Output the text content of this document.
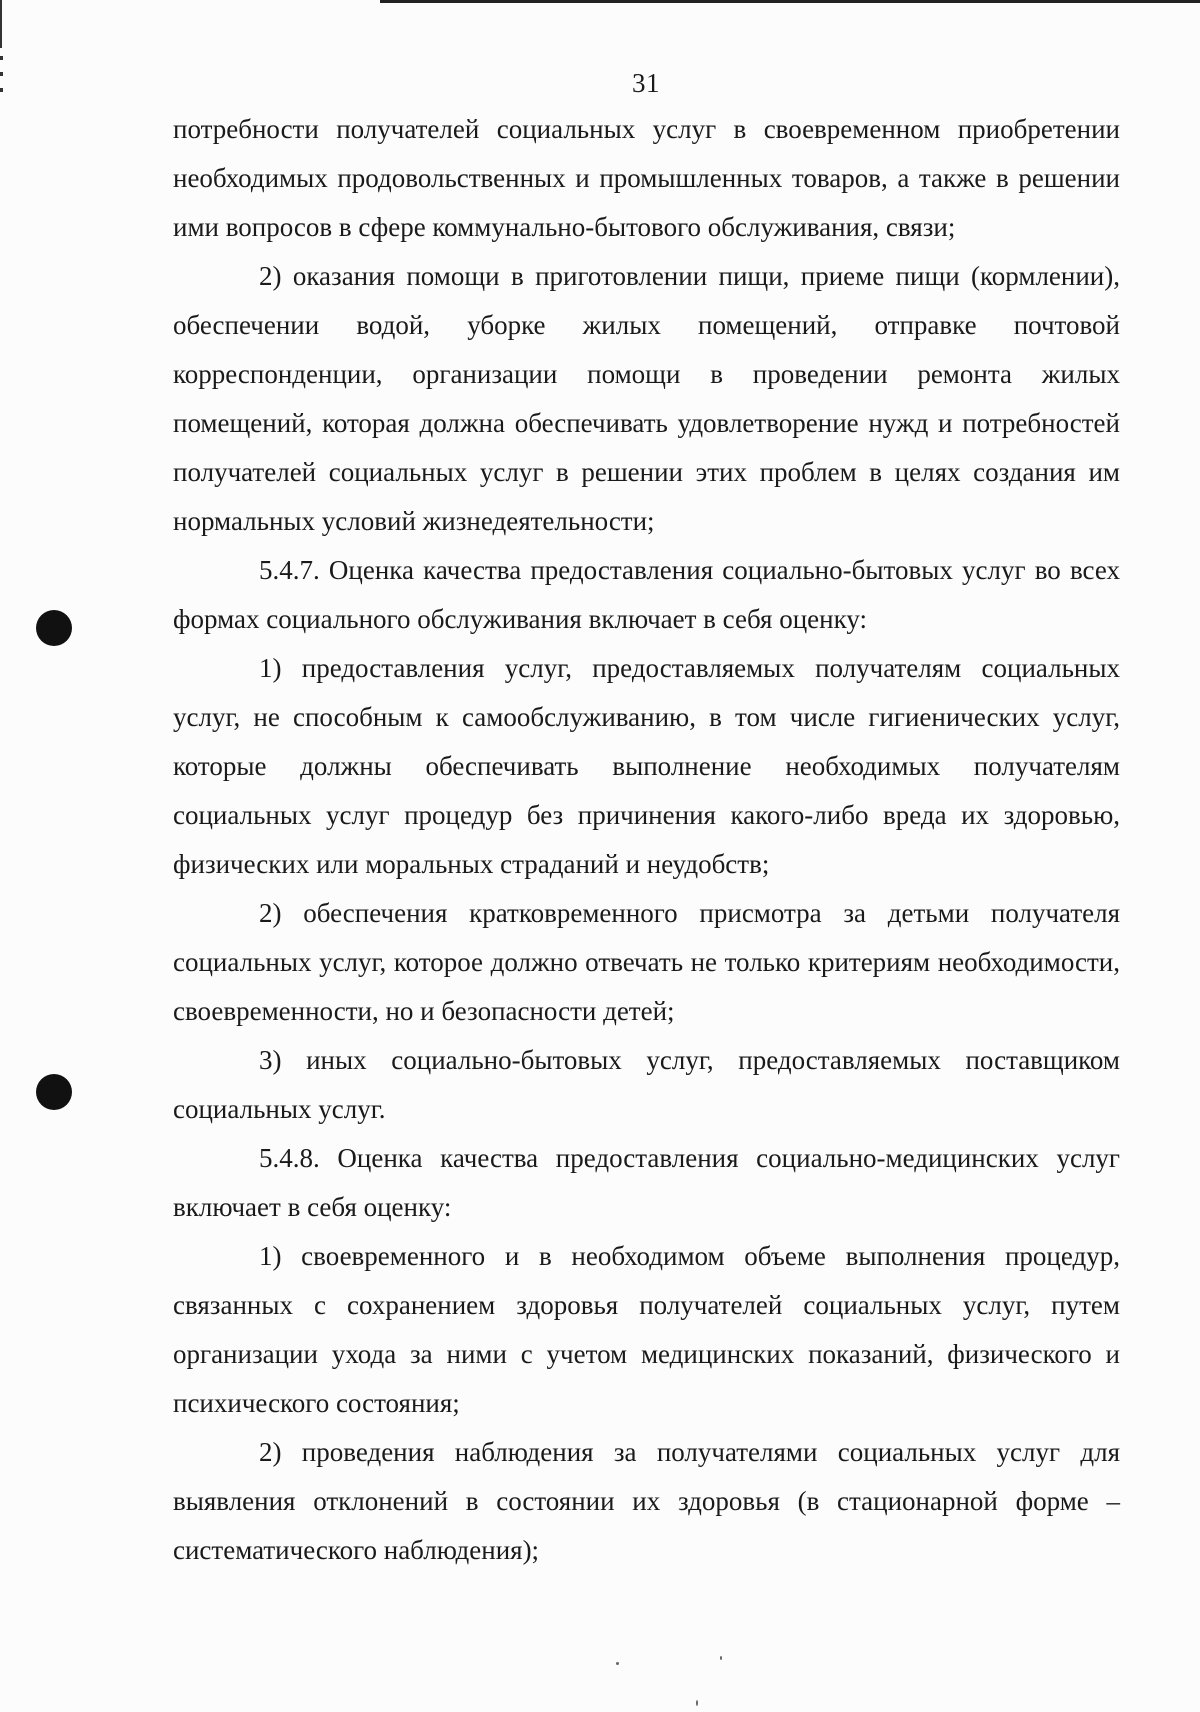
31

потребности получателей социальных услуг в своевременном приобретении необходимых продовольственных и промышленных товаров, а также в решении ими вопросов в сфере коммунально-бытового обслуживания, связи;

2) оказания помощи в приготовлении пищи, приеме пищи (кормлении), обеспечении водой, уборке жилых помещений, отправке почтовой корреспонденции, организации помощи в проведении ремонта жилых помещений, которая должна обеспечивать удовлетворение нужд и потребностей получателей социальных услуг в решении этих проблем в целях создания им нормальных условий жизнедеятельности;

5.4.7. Оценка качества предоставления социально-бытовых услуг во всех формах социального обслуживания включает в себя оценку:

1) предоставления услуг, предоставляемых получателям социальных услуг, не способным к самообслуживанию, в том числе гигиенических услуг, которые должны обеспечивать выполнение необходимых получателям социальных услуг процедур без причинения какого-либо вреда их здоровью, физических или моральных страданий и неудобств;

2) обеспечения кратковременного присмотра за детьми получателя социальных услуг, которое должно отвечать не только критериям необходимости, своевременности, но и безопасности детей;

3) иных социально-бытовых услуг, предоставляемых поставщиком социальных услуг.

5.4.8. Оценка качества предоставления социально-медицинских услуг включает в себя оценку:

1) своевременного и в необходимом объеме выполнения процедур, связанных с сохранением здоровья получателей социальных услуг, путем организации ухода за ними с учетом медицинских показаний, физического и психического состояния;

2) проведения наблюдения за получателями социальных услуг для выявления отклонений в состоянии их здоровья (в стационарной форме – систематического наблюдения);
